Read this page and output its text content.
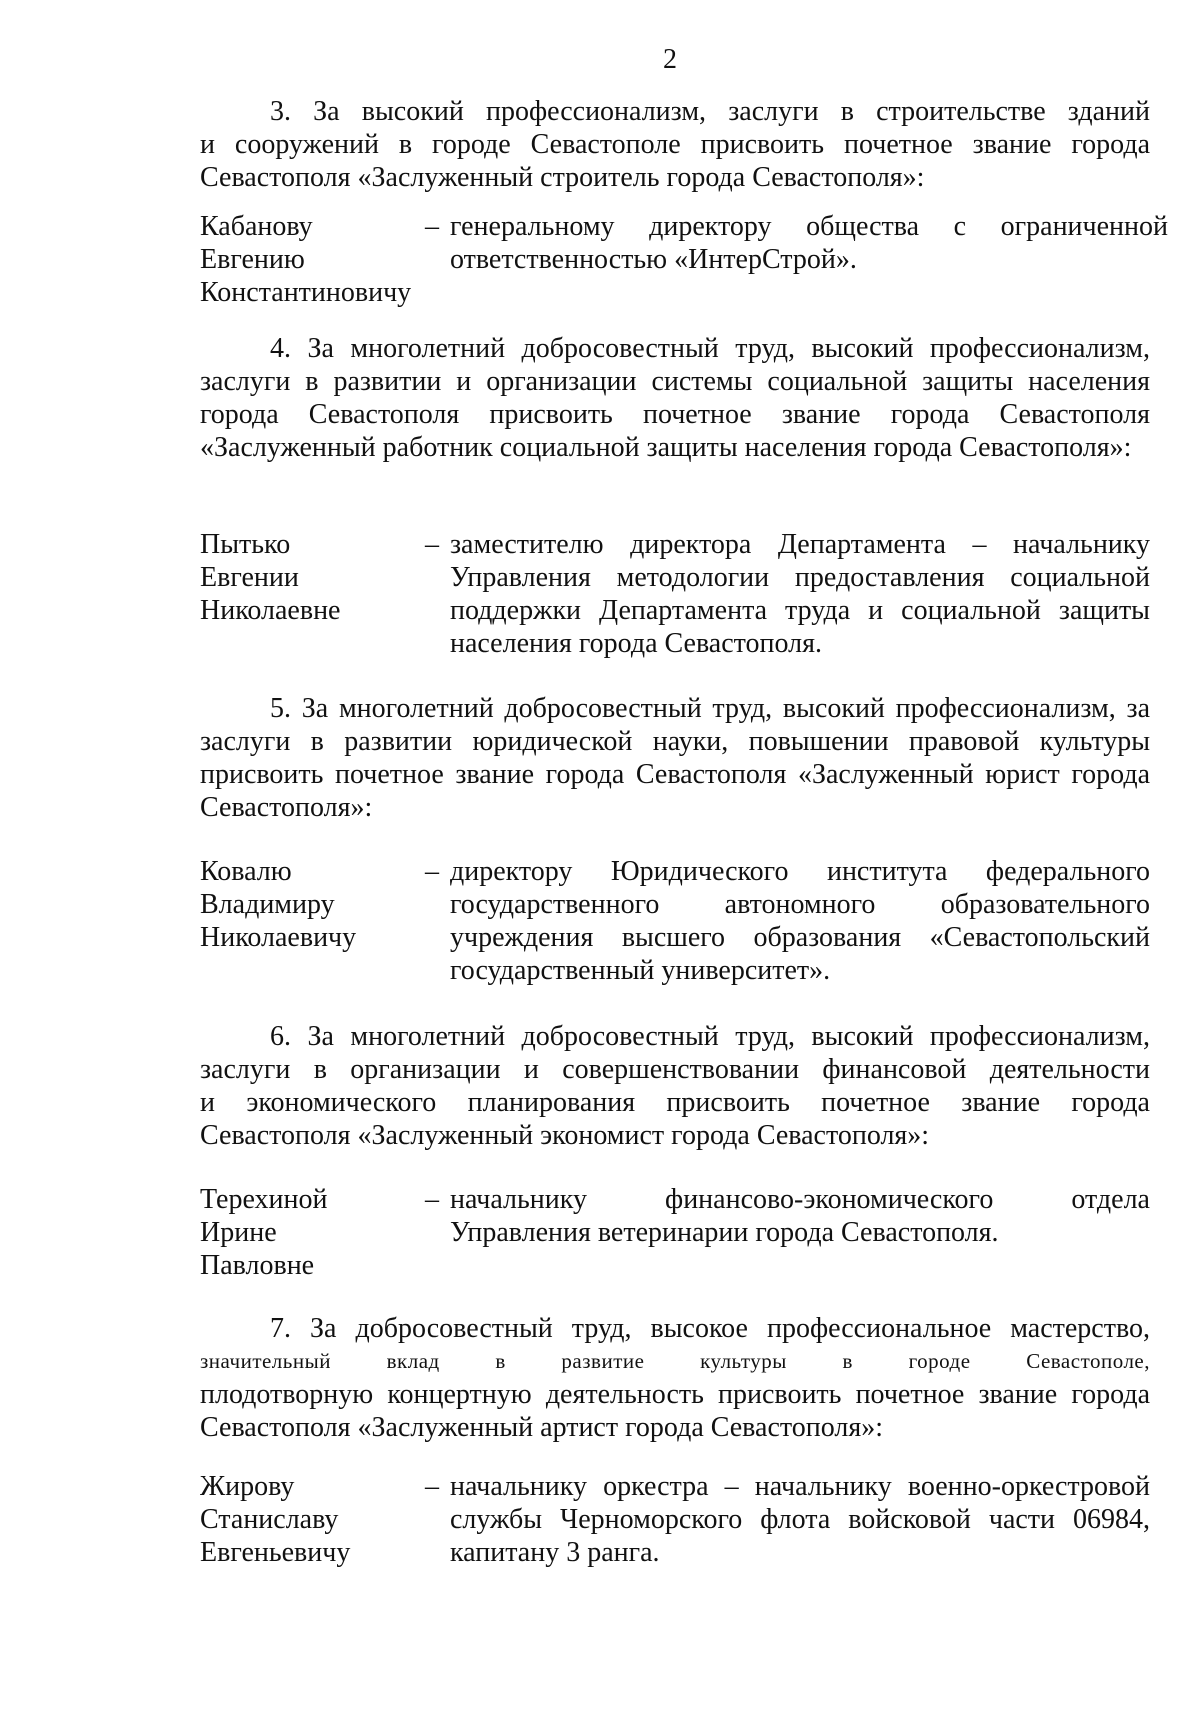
2

3. За высокий профессионализм, заслуги в строительстве зданий
и сооружений в городе Севастополе присвоить почетное звание города
Севастополя «Заслуженный строитель города Севастополя»:

Кабанову
Евгению
Константиновичу
– генеральному директору общества с ограниченной
ответственностью «ИнтерСтрой».

4. За многолетний добросовестный труд, высокий профессионализм,
заслуги в развитии и организации системы социальной защиты населения
города Севастополя присвоить почетное звание города Севастополя
«Заслуженный работник социальной защиты населения города Севастополя»:

Пытько
Евгении
Николаевне
– заместителю директора Департамента – начальнику
Управления методологии предоставления социальной
поддержки Департамента труда и социальной защиты
населения города Севастополя.

5. За многолетний добросовестный труд, высокий профессионализм, за
заслуги в развитии юридической науки, повышении правовой культуры
присвоить почетное звание города Севастополя «Заслуженный юрист города
Севастополя»:

Ковалю
Владимиру
Николаевичу
– директору Юридического института федерального
государственного автономного образовательного
учреждения высшего образования «Севастопольский
государственный университет».

6. За многолетний добросовестный труд, высокий профессионализм,
заслуги в организации и совершенствовании финансовой деятельности
и экономического планирования присвоить почетное звание города
Севастополя «Заслуженный экономист города Севастополя»:

Терехиной
Ирине
Павловне
– начальнику финансово-экономического отдела
Управления ветеринарии города Севастополя.

7. За добросовестный труд, высокое профессиональное мастерство,
значительный вклад в развитие культуры в городе Севастополе,
плодотворную концертную деятельность присвоить почетное звание города
Севастополя «Заслуженный артист города Севастополя»:

Жирову
Станиславу
Евгеньевичу
– начальнику оркестра – начальнику военно-оркестровой
службы Черноморского флота войсковой части 06984,
капитану 3 ранга.
